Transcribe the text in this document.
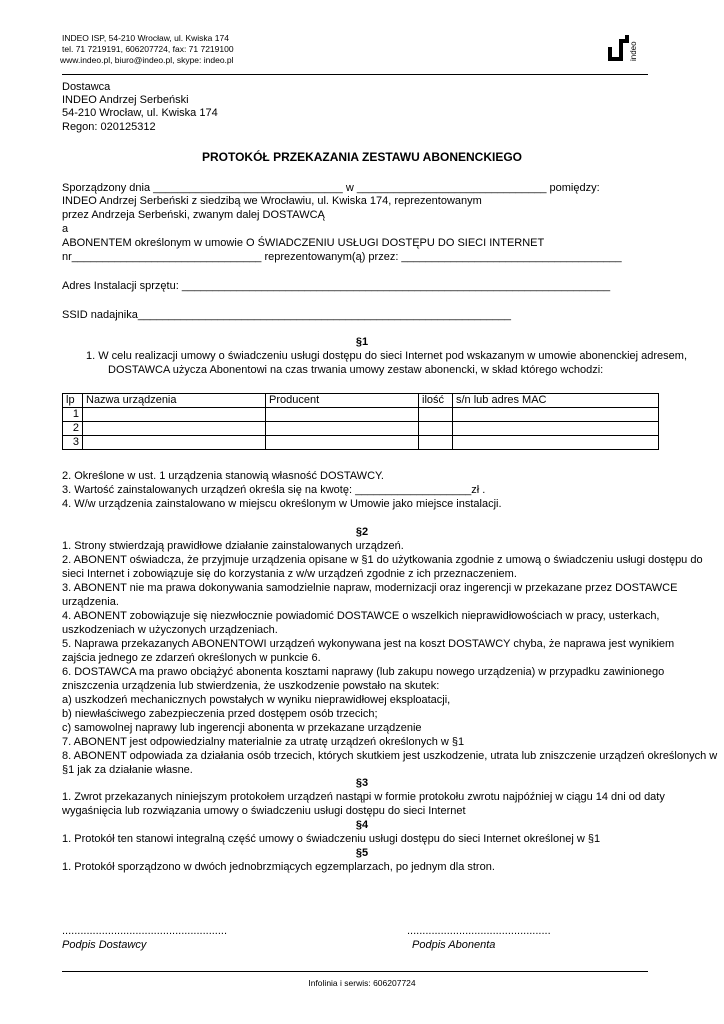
INDEO ISP, 54-210 Wrocław, ul. Kwiska 174
tel. 71 7219191, 606207724, fax: 71 7219100
www.indeo.pl, biuro@indeo.pl, skype: indeo.pl	indeo
Dostawca
INDEO Andrzej Serbeński
54-210 Wrocław, ul. Kwiska 174
Regon: 020125312
PROTOKÓŁ PRZEKAZANIA ZESTAWU ABONENCKIEGO
Sporządzony dnia _______________________________ w _______________________________ pomiędzy:
INDEO Andrzej Serbeński z siedzibą we Wrocławiu, ul. Kwiska 174, reprezentowanym
przez Andrzeja Serbeński, zwanym dalej DOSTAWCĄ
a
ABONENTEM określonym w umowie O ŚWIADCZENIU USŁUGI DOSTĘPU DO SIECI INTERNET
nr_______________________________ reprezentowanym(ą) przez: ____________________________________
Adres Instalacji sprzętu: ______________________________________________________________________
SSID nadajnika_____________________________________________________________
§1
1. W celu realizacji umowy o świadczeniu usługi dostępu do sieci Internet pod wskazanym w umowie abonenckiej adresem,
DOSTAWCA użycza Abonentowi na czas trwania umowy zestaw abonencki, w skład którego wchodzi:
lp	Nazwa urządzenia	Producent	ilość	s/n lub adres MAC
1				
2				
3				
2. Określone w ust. 1 urządzenia stanowią własność DOSTAWCY.
3. Wartość zainstalowanych urządzeń określa się na kwotę: ___________________zł .
4. W/w urządzenia zainstalowano w miejscu określonym w Umowie jako miejsce instalacji.
§2
1. Strony stwierdzają prawidłowe działanie zainstalowanych urządzeń.
2. ABONENT oświadcza, że przyjmuje urządzenia opisane w §1 do użytkowania zgodnie z umową o świadczeniu usługi dostępu do
sieci Internet i zobowiązuje się do korzystania z w/w urządzeń zgodnie z ich przeznaczeniem.
3. ABONENT nie ma prawa dokonywania samodzielnie napraw, modernizacji oraz ingerencji w przekazane przez DOSTAWCE
urządzenia.
4. ABONENT zobowiązuje się niezwłocznie powiadomić DOSTAWCE o wszelkich nieprawidłowościach w pracy, usterkach,
uszkodzeniach w użyczonych urządzeniach.
5. Naprawa przekazanych ABONENTOWI urządzeń wykonywana jest na koszt DOSTAWCY chyba, że naprawa jest wynikiem
zajścia jednego ze zdarzeń określonych w punkcie 6.
6. DOSTAWCA ma prawo obciążyć abonenta kosztami naprawy (lub zakupu nowego urządzenia) w przypadku zawinionego
zniszczenia urządzenia lub stwierdzenia, że uszkodzenie powstało na skutek:
a) uszkodzeń mechanicznych powstałych w wyniku nieprawidłowej eksploatacji,
b) niewłaściwego zabezpieczenia przed dostępem osób trzecich;
c) samowolnej naprawy lub ingerencji abonenta w przekazane urządzenie
7. ABONENT jest odpowiedzialny materialnie za utratę urządzeń określonych w §1
8. ABONENT odpowiada za działania osób trzecich, których skutkiem jest uszkodzenie, utrata lub zniszczenie urządzeń określonych w
§1 jak za działanie własne.
§3
1. Zwrot przekazanych niniejszym protokołem urządzeń nastąpi w formie protokołu zwrotu najpóźniej w ciągu 14 dni od daty
wygaśnięcia lub rozwiązania umowy o świadczeniu usługi dostępu do sieci Internet
§4
1. Protokół ten stanowi integralną część umowy o świadczeniu usługi dostępu do sieci Internet określonej w §1
§5
1. Protokół sporządzono w dwóch jednobrzmiących egzemplarzach, po jednym dla stron.
......................................................
Podpis Dostawcy
...............................................
Podpis Abonenta
Infolinia i serwis: 606207724
